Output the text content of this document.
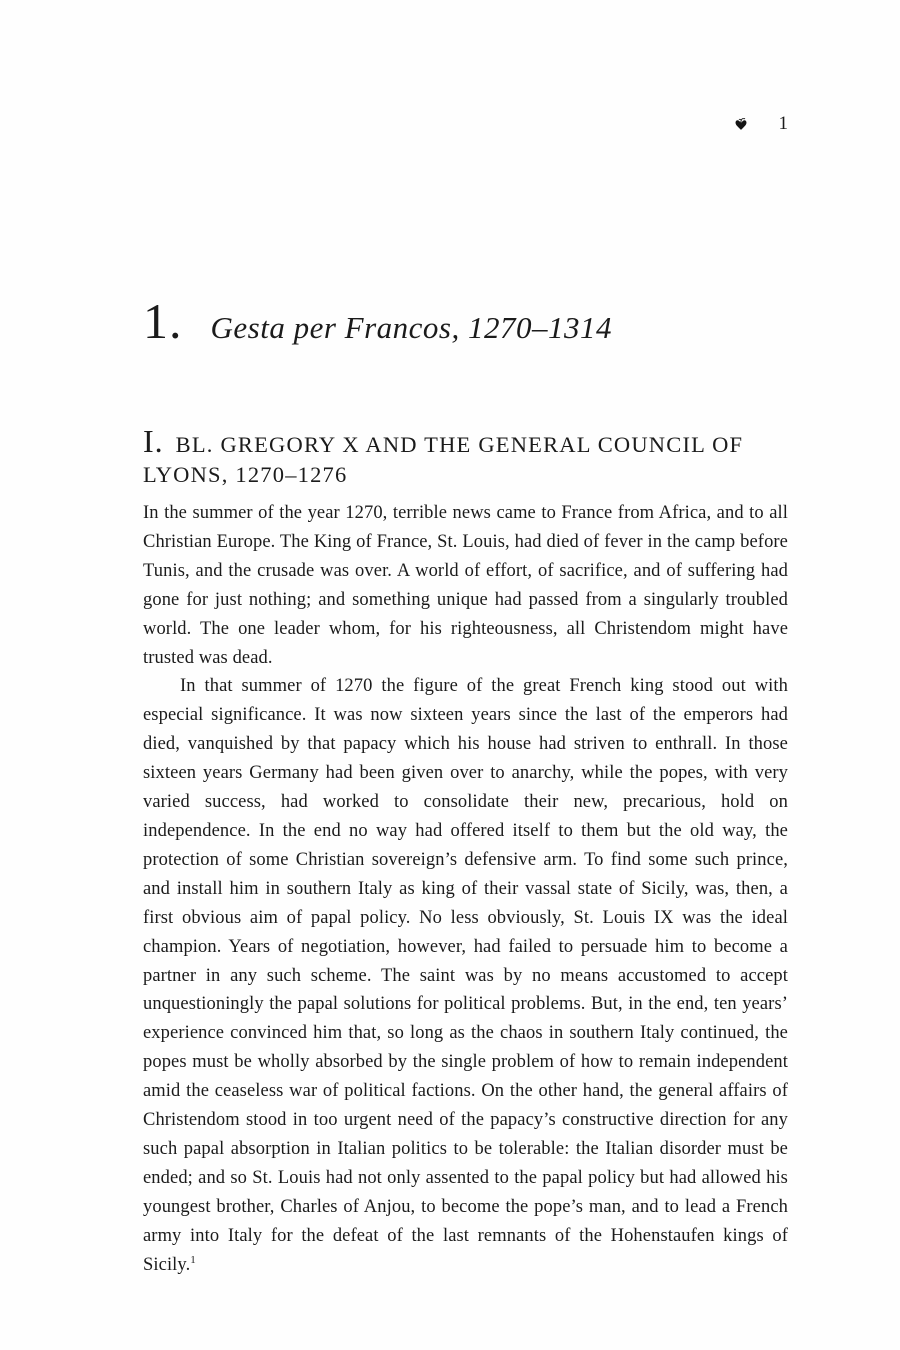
1
1. Gesta per Francos, 1270–1314
I.  BL. GREGORY X AND THE GENERAL COUNCIL OF
LYONS, 1270–1276

In the summer of the year 1270, terrible news came to France from Africa, and to all Christian Europe. The King of France, St. Louis, had died of fever in the camp before Tunis, and the crusade was over. A world of effort, of sacrifice, and of suffering had gone for just nothing; and something unique had passed from a singularly troubled world. The one leader whom, for his righteousness, all Christendom might have trusted was dead.

In that summer of 1270 the figure of the great French king stood out with especial significance. It was now sixteen years since the last of the emperors had died, vanquished by that papacy which his house had striven to enthrall. In those sixteen years Germany had been given over to anarchy, while the popes, with very varied success, had worked to consolidate their new, precarious, hold on independence. In the end no way had offered itself to them but the old way, the protection of some Christian sovereign’s defensive arm. To find some such prince, and install him in southern Italy as king of their vassal state of Sicily, was, then, a first obvious aim of papal policy. No less obviously, St. Louis IX was the ideal champion. Years of negotiation, however, had failed to persuade him to become a partner in any such scheme. The saint was by no means accustomed to accept unquestioningly the papal solutions for political problems. But, in the end, ten years’ experience convinced him that, so long as the chaos in southern Italy continued, the popes must be wholly absorbed by the single problem of how to remain independent amid the ceaseless war of political factions. On the other hand, the general affairs of Christendom stood in too urgent need of the papacy’s constructive direction for any such papal absorption in Italian politics to be tolerable: the Italian disorder must be ended; and so St. Louis had not only assented to the papal policy but had allowed his youngest brother, Charles of Anjou, to become the pope’s man, and to lead a French army into Italy for the defeat of the last remnants of the Hohenstaufen kings of Sicily.$^1$
